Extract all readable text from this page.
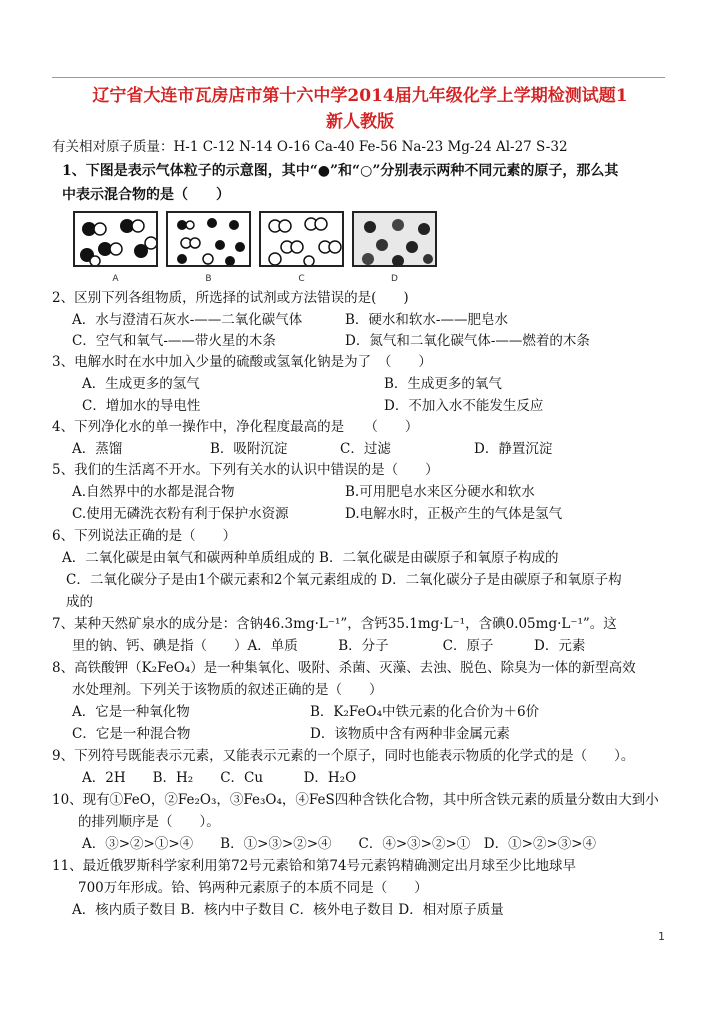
辽宁省大连市瓦房店市第十六中学2014届九年级化学上学期检测试题1
新人教版
有关相对原子质量：H-1 C-12 N-14 O-16 Ca-40 Fe-56 Na-23 Mg-24 Al-27 S-32
1、下图是表示气体粒子的示意图，其中“●”和“○”分别表示两种不同元素的原子，那么其
中表示混合物的是（　　）
A	B	C	D
2、区别下列各组物质，所选择的试剂或方法错误的是(　　)
A．水与澄清石灰水-——二氧化碳气体	B．硬水和软水-——肥皂水
C．空气和氧气-——带火星的木条	D．氮气和二氧化碳气体-——燃着的木条
3、电解水时在水中加入少量的硫酸或氢氧化钠是为了　（　　）
A．生成更多的氢气	B．生成更多的氧气
C．增加水的导电性	D．不加入水不能发生反应
4、下列净化水的单一操作中，净化程度最高的是　　（　　）
A．蒸馏	B．吸附沉淀	C．过滤	D．静置沉淀
5、我们的生活离不开水。下列有关水的认识中错误的是（　　）
A.自然界中的水都是混合物	B.可用肥皂水来区分硬水和软水
C.使用无磷洗衣粉有利于保护水资源	D.电解水时，正极产生的气体是氢气
6、下列说法正确的是（　　）
A．二氧化碳是由氧气和碳两种单质组成的 B．二氧化碳是由碳原子和氧原子构成的
C．二氧化碳分子是由1个碳元素和2个氧元素组成的 D．二氧化碳分子是由碳原子和氧原子构
成的
7、某种天然矿泉水的成分是：含钠46.3mg·L⁻¹”，含钙35.1mg·L⁻¹，含碘0.05mg·L⁻¹”。这
里的钠、钙、碘是指（　　）A．单质　　　B．分子　　　　C．原子　　　D．元素
8、高铁酸钾（K₂FeO₄）是一种集氧化、吸附、杀菌、灭藻、去浊、脱色、除臭为一体的新型高效
水处理剂。下列关于该物质的叙述正确的是（　　）
A．它是一种氧化物	B．K₂FeO₄中铁元素的化合价为＋6价
C．它是一种混合物	D．该物质中含有两种非金属元素
9、下列符号既能表示元素，又能表示元素的一个原子，同时也能表示物质的化学式的是（　　）。
A．2H　　B．H₂　　C．Cu　　　D．H₂O
10、现有①FeO，②Fe₂O₃，③Fe₃O₄，④FeS四种含铁化合物，其中所含铁元素的质量分数由大到小
的排列顺序是（　　）。
A．③>②>①>④　　B．①>③>②>④　　C．④>③>②>①　D．①>②>③>④
11、最近俄罗斯科学家利用第72号元素铪和第74号元素钨精确测定出月球至少比地球早
700万年形成。铪、钨两种元素原子的本质不同是（　　）
A．核内质子数目 B．核内中子数目 C．核外电子数目 D．相对原子质量
1
